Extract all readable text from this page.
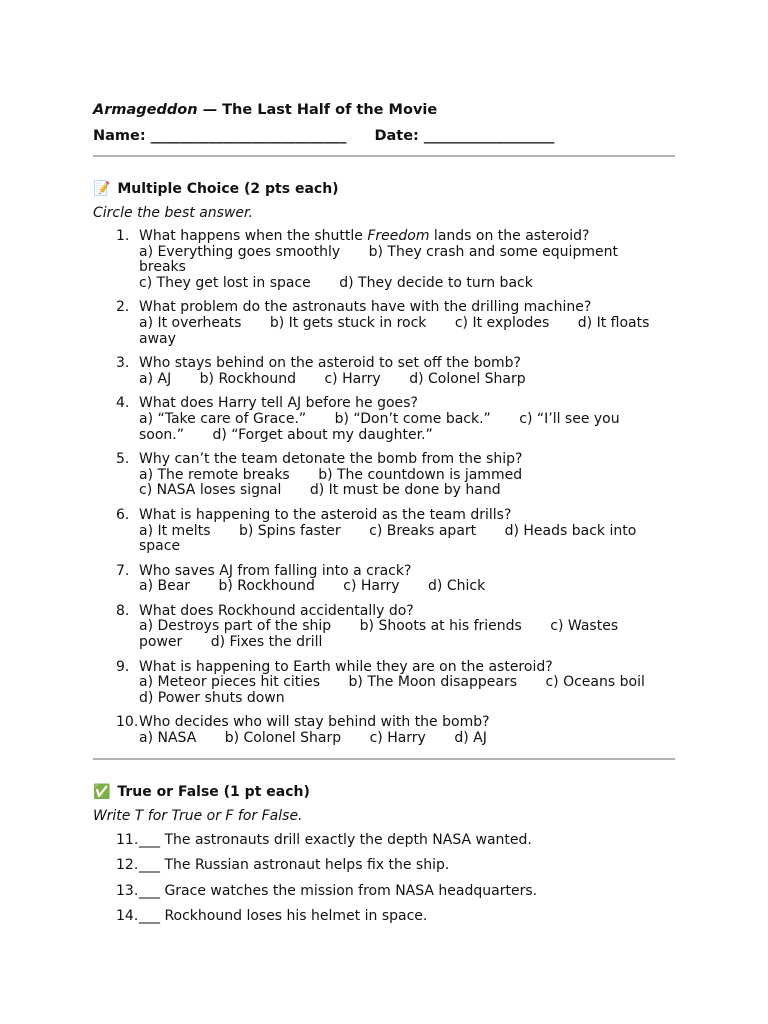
Armageddon — The Last Half of the Movie
Name: ___________________________ Date: __________________
📝 Multiple Choice (2 pts each)
Circle the best answer.
1. What happens when the shuttle Freedom lands on the asteroid?
a) Everything goes smoothly b) They crash and some equipment breaks
c) They get lost in space d) They decide to turn back
2. What problem do the astronauts have with the drilling machine?
a) It overheats b) It gets stuck in rock c) It explodes d) It floats away
3. Who stays behind on the asteroid to set off the bomb?
a) AJ b) Rockhound c) Harry d) Colonel Sharp
4. What does Harry tell AJ before he goes?
a) “Take care of Grace.” b) “Don’t come back.” c) “I’ll see you soon.” d) “Forget about my daughter.”
5. Why can’t the team detonate the bomb from the ship?
a) The remote breaks b) The countdown is jammed
c) NASA loses signal d) It must be done by hand
6. What is happening to the asteroid as the team drills?
a) It melts b) Spins faster c) Breaks apart d) Heads back into space
7. Who saves AJ from falling into a crack?
a) Bear b) Rockhound c) Harry d) Chick
8. What does Rockhound accidentally do?
a) Destroys part of the ship b) Shoots at his friends c) Wastes power d) Fixes the drill
9. What is happening to Earth while they are on the asteroid?
a) Meteor pieces hit cities b) The Moon disappears c) Oceans boil d) Power shuts down
10. Who decides who will stay behind with the bomb?
a) NASA b) Colonel Sharp c) Harry d) AJ
✅ True or False (1 pt each)
Write T for True or F for False.
11. ___ The astronauts drill exactly the depth NASA wanted.
12. ___ The Russian astronaut helps fix the ship.
13. ___ Grace watches the mission from NASA headquarters.
14. ___ Rockhound loses his helmet in space.
